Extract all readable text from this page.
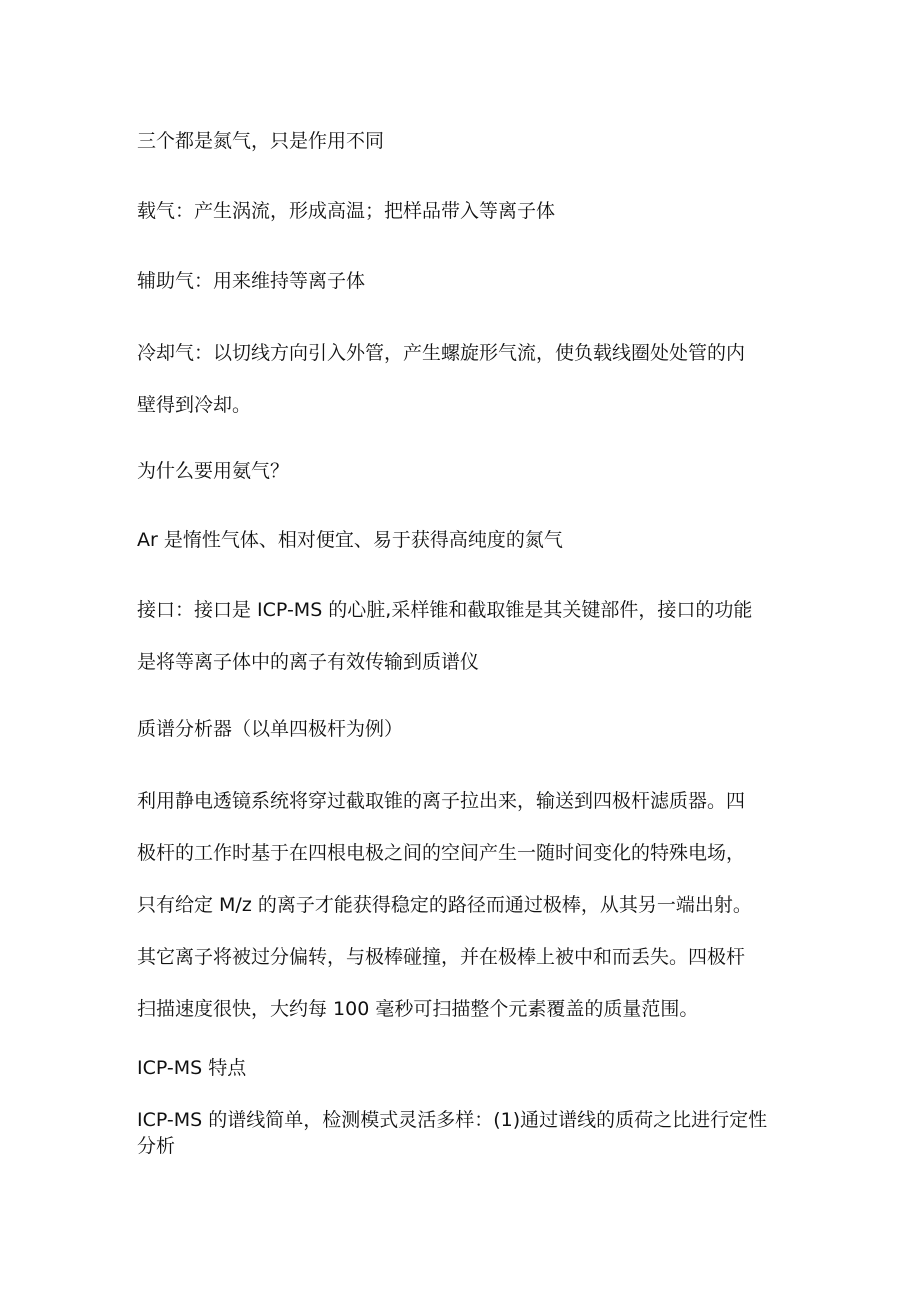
三个都是氮气，只是作用不同

载气：产生涡流，形成高温；把样品带入等离子体

辅助气：用来维持等离子体

冷却气：以切线方向引入外管，产生螺旋形气流，使负载线圈处处管的内
壁得到冷却。

为什么要用氨气？

Ar 是惰性气体、相对便宜、易于获得高纯度的氮气

接口：接口是 ICP-MS 的心脏,采样锥和截取锥是其关键部件，接口的功能
是将等离子体中的离子有效传输到质谱仪

质谱分析器（以单四极杆为例）

利用静电透镜系统将穿过截取锥的离子拉出来，输送到四极杆滤质器。四
极杆的工作时基于在四根电极之间的空间产生一随时间变化的特殊电场，
只有给定 M/z 的离子才能获得稳定的路径而通过极棒，从其另一端出射。
其它离子将被过分偏转，与极棒碰撞，并在极棒上被中和而丢失。四极杆
扫描速度很快，大约每 100 毫秒可扫描整个元素覆盖的质量范围。

ICP-MS 特点

ICP-MS 的谱线简单，检测模式灵活多样：(1)通过谱线的质荷之比进行定性
分析
